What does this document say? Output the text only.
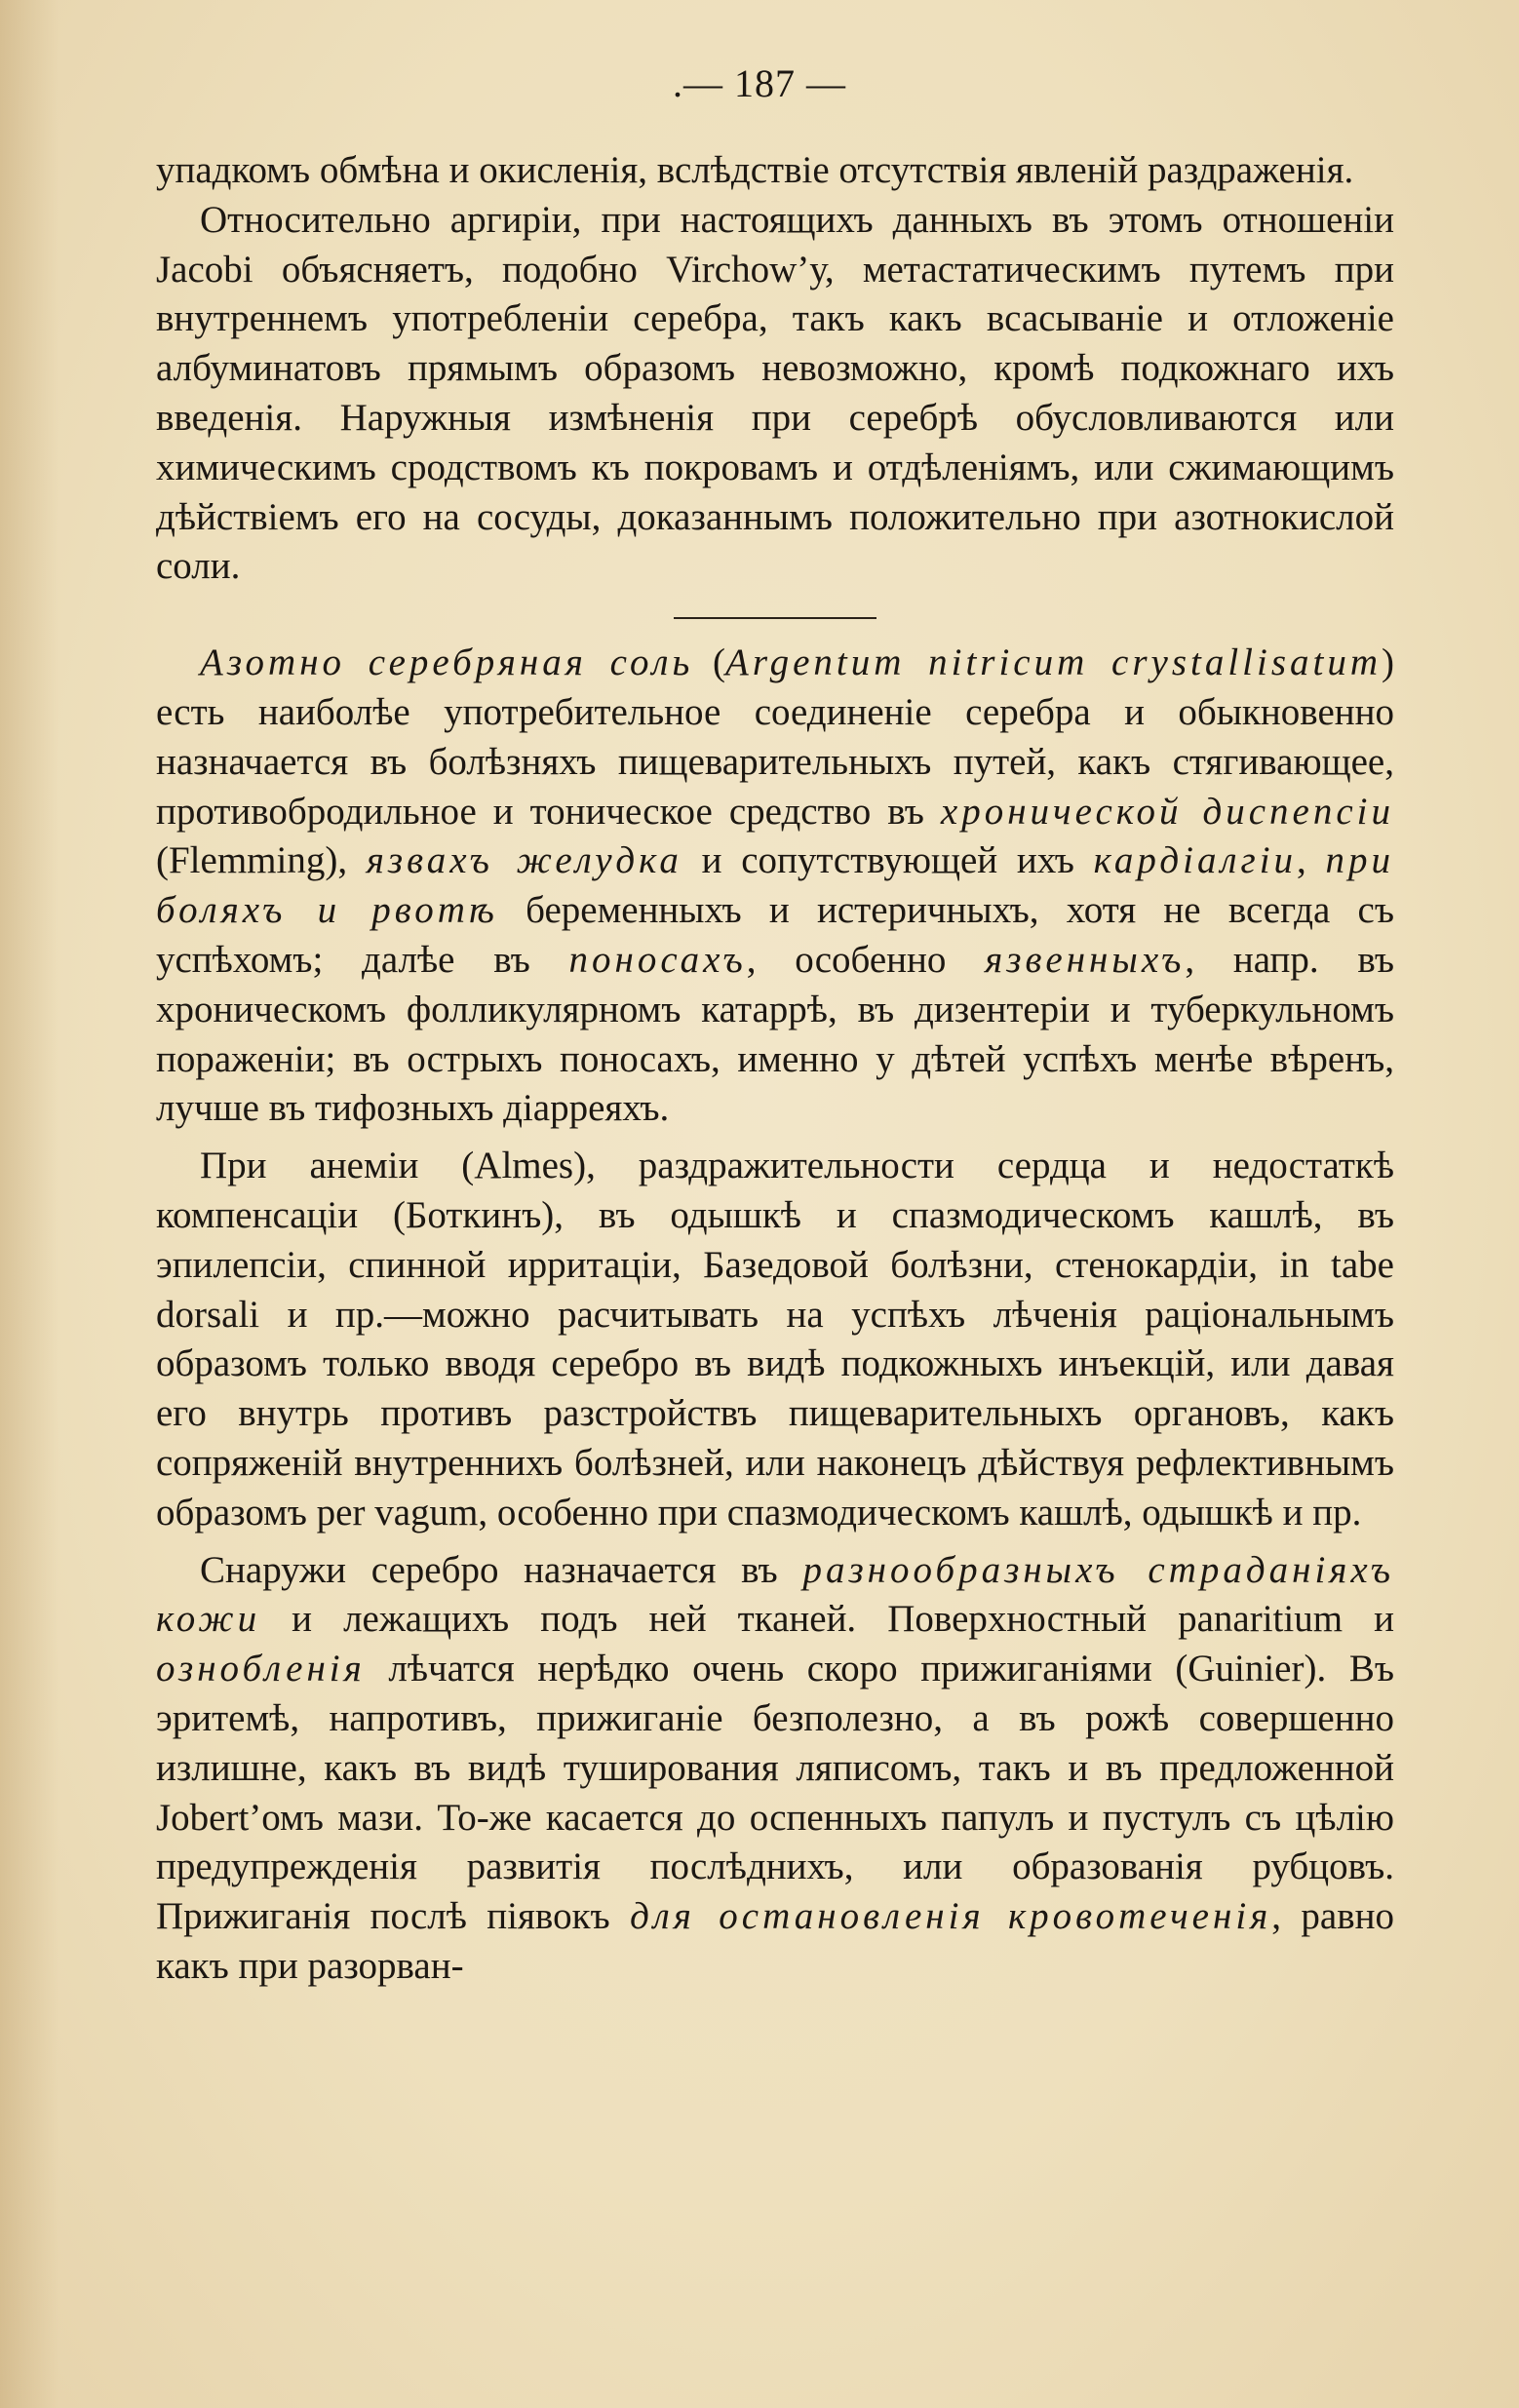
.— 187 —

упадкомъ обмѣна и окисленія, вслѣдствіе отсутствія явленій раздраженія.

Относительно аргиріи, при настоящихъ данныхъ въ этомъ отношеніи Jacobi объясняетъ, подобно Virchow’у, метастатическимъ путемъ при внутреннемъ употребленіи серебра, такъ какъ всасываніе и отложеніе албуминатовъ прямымъ образомъ невозможно, кромѣ подкожнаго ихъ введенія. Наружныя измѣненія при серебрѣ обусловливаются или химическимъ сродствомъ къ покровамъ и отдѣленіямъ, или сжимающимъ дѣйствіемъ его на сосуды, доказаннымъ положительно при азотнокислой соли.

Азотно серебряная соль (Argentum nitricum crystallisatum) есть наиболѣе употребительное соединеніе серебра и обыкновенно назначается въ болѣзняхъ пищеварительныхъ путей, какъ стягивающее, противобродильное и тоническое средство въ хронической диспепсіи (Flemming), язвахъ желудка и сопутствующей ихъ кардіалгіи, при боляхъ и рвотѣ беременныхъ и истеричныхъ, хотя не всегда съ успѣхомъ; далѣе въ поносахъ, особенно язвенныхъ, напр. въ хроническомъ фолликулярномъ катаррѣ, въ дизентеріи и туберкульномъ пораженіи; въ острыхъ поносахъ, именно у дѣтей успѣхъ менѣе вѣренъ, лучше въ тифозныхъ діарреяхъ.

При анеміи (Almes), раздражительности сердца и недостаткѣ компенсаціи (Боткинъ), въ одышкѣ и спазмодическомъ кашлѣ, въ эпилепсіи, спинной ирритаціи, Базедовой болѣзни, стенокардіи, in tabe dorsali и пр.—можно расчитывать на успѣхъ лѣченія раціональнымъ образомъ только вводя серебро въ видѣ подкожныхъ инъекцій, или давая его внутрь противъ разстройствъ пищеварительныхъ органовъ, какъ сопряженій внутреннихъ болѣзней, или наконецъ дѣйствуя рефлективнымъ образомъ per vagum, особенно при спазмодическомъ кашлѣ, одышкѣ и пр.

Снаружи серебро назначается въ разнообразныхъ страданіяхъ кожи и лежащихъ подъ ней тканей. Поверхностный panaritium и ознобленія лѣчатся нерѣдко очень скоро прижиганіями (Guinier). Въ эритемѣ, напротивъ, прижиганіе безполезно, а въ рожѣ совершенно излишне, какъ въ видѣ туширования ляписомъ, такъ и въ предложенной Jobert’омъ мази. То-же касается до оспенныхъ папулъ и пустулъ съ цѣлію предупрежденія развитія послѣднихъ, или образованія рубцовъ. Прижиганія послѣ піявокъ для остановленія кровотеченія, равно какъ при разорван-
